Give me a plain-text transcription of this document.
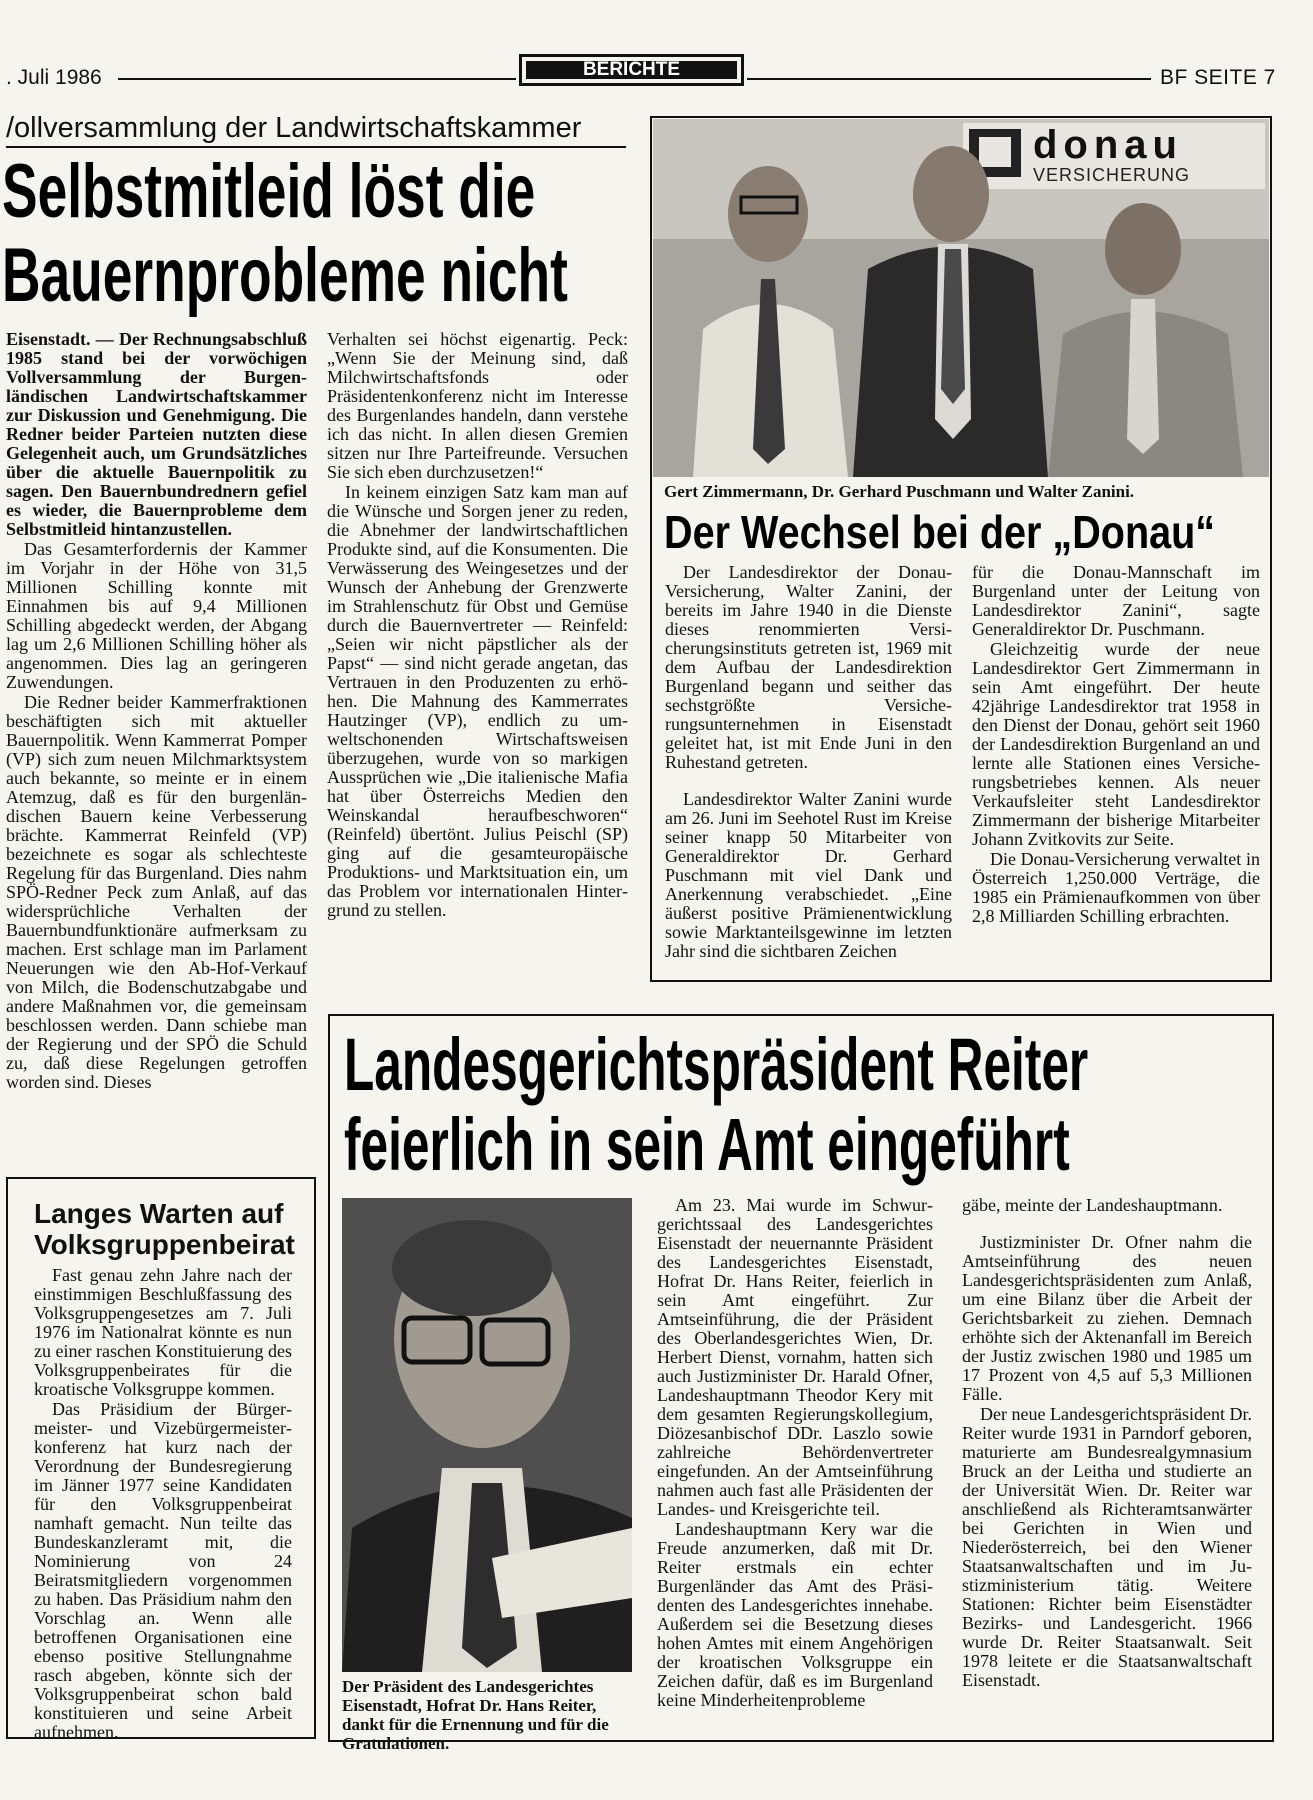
. Juli 1986	BERICHTE	BF SEITE 7
/ollversammlung der Landwirtschaftskammer
Selbstmitleid löst die
Bauernprobleme nicht

Eisenstadt. — Der Rechnungsabschluß 1985 stand bei der vorwöchigen Vollversammlung der Burgenländischen Landwirtschaftskammer zur Diskussion und Genehmigung. Die Redner beider Parteien nutzten diese Gelegenheit auch, um Grundsätzliches über die aktuelle Bauernpolitik zu sagen. Den Bauernbundrednern gefiel es wieder, die Bauernprobleme dem Selbstmitleid hintanzustellen.

Das Gesamterfordernis der Kammer im Vorjahr in der Höhe von 31,5 Millionen Schilling konnte mit Einnahmen bis auf 9,4 Millionen Schilling abgedeckt werden, der Abgang lag um 2,6 Millionen Schilling höher als angenommen. Dies lag an geringeren Zuwendungen.

Die Redner beider Kammerfraktionen beschäftigten sich mit aktueller Bauernpolitik. Wenn Kammerrat Pomper (VP) sich zum neuen Milchmarktsystem auch bekannte, so meinte er in einem Atemzug, daß es für den burgenländischen Bauern keine Verbesserung brächte. Kammerrat Reinfeld (VP) bezeichnete es sogar als schlechteste Regelung für das Burgenland. Dies nahm SPÖ-Redner Peck zum Anlaß, auf das widersprüchliche Verhalten der Bauernbundfunktionäre aufmerksam zu machen. Erst schlage man im Parlament Neuerungen wie den Ab-Hof-Verkauf von Milch, die Bodenschutzabgabe und andere Maßnahmen vor, die gemeinsam beschlossen werden. Dann schiebe man der Regierung und der SPÖ die Schuld zu, daß diese Regelungen getroffen worden sind. Dieses

Verhalten sei höchst eigenartig. Peck: „Wenn Sie der Meinung sind, daß Milchwirtschaftsfonds oder Präsidentenkonferenz nicht im Interesse des Burgenlandes handeln, dann verstehe ich das nicht. In allen diesen Gremien sitzen nur Ihre Parteifreunde. Versuchen Sie sich eben durchzusetzen!“

In keinem einzigen Satz kam man auf die Wünsche und Sorgen jener zu reden, die Abnehmer der landwirtschaftlichen Produkte sind, auf die Konsumenten. Die Verwässerung des Weingesetzes und der Wunsch der Anhebung der Grenzwerte im Strahlenschutz für Obst und Gemüse durch die Bauernvertreter — Reinfeld: „Seien wir nicht päpstlicher als der Papst“ — sind nicht gerade angetan, das Vertrauen in den Produzenten zu erhöhen. Die Mahnung des Kammerrates Hautzinger (VP), endlich zu umweltschonenden Wirtschaftsweisen überzugehen, wurde von so markigen Aussprüchen wie „Die italienische Mafia hat über Österreichs Medien den Weinskandal heraufbeschworen“ (Reinfeld) übertönt. Julius Peischl (SP) ging auf die gesamteuropäische Produktions- und Marktsituation ein, um das Problem vor internationalen Hintergrund zu stellen.

donau
VERSICHERUNG
Gert Zimmermann, Dr. Gerhard Puschmann und Walter Zanini.
Der Wechsel bei der „Donau“

Der Landesdirektor der Donau-Versicherung, Walter Zanini, der bereits im Jahre 1940 in die Dienste dieses renommierten Versicherungsinstituts getreten ist, 1969 mit dem Aufbau der Landesdirektion Burgenland begann und seither das sechstgrößte Versicherungsunternehmen in Eisenstadt geleitet hat, ist mit Ende Juni in den Ruhestand getreten.

Landesdirektor Walter Zanini wurde am 26. Juni im Seehotel Rust im Kreise seiner knapp 50 Mitarbeiter von Generaldirektor Dr. Gerhard Puschmann mit viel Dank und Anerkennung verabschiedet. „Eine äußerst positive Prämienentwicklung sowie Marktanteilsgewinne im letzten Jahr sind die sichtbaren Zeichen

für die Donau-Mannschaft im Burgenland unter der Leitung von Landesdirektor Zanini“, sagte Generaldirektor Dr. Puschmann.

Gleichzeitig wurde der neue Landesdirektor Gert Zimmermann in sein Amt eingeführt. Der heute 42jährige Landesdirektor trat 1958 in den Dienst der Donau, gehört seit 1960 der Landesdirektion Burgenland an und lernte alle Stationen eines Versicherungsbetriebes kennen. Als neuer Verkaufsleiter steht Landesdirektor Zimmermann der bisherige Mitarbeiter Johann Zvitkovits zur Seite.

Die Donau-Versicherung verwaltet in Österreich 1,250.000 Verträge, die 1985 ein Prämienaufkommen von über 2,8 Milliarden Schilling erbrachten.

Langes Warten auf
Volksgruppenbeirat

Fast genau zehn Jahre nach der einstimmigen Beschlußfassung des Volksgruppengesetzes am 7. Juli 1976 im Nationalrat könnte es nun zu einer raschen Konstituierung des Volksgruppenbeirates für die kroatische Volksgruppe kommen.

Das Präsidium der Bürgermeister- und Vizebürgermeisterkonferenz hat kurz nach der Verordnung der Bundesregierung im Jänner 1977 seine Kandidaten für den Volksgruppenbeirat namhaft gemacht. Nun teilte das Bundeskanzleramt mit, die Nominierung von 24 Beiratsmitgliedern vorgenommen zu haben. Das Präsidium nahm den Vorschlag an. Wenn alle betroffenen Organisationen eine ebenso positive Stellungnahme rasch abgeben, könnte sich der Volksgruppenbeirat schon bald konstituieren und seine Arbeit aufnehmen.

Landesgerichtspräsident Reiter
feierlich in sein Amt eingeführt
Der Präsident des Landesgerichtes Eisenstadt, Hofrat Dr. Hans Reiter, dankt für die Ernennung und für die Gratulationen.

Am 23. Mai wurde im Schwurgerichtssaal des Landesgerichtes Eisenstadt der neuernannte Präsident des Landesgerichtes Eisenstadt, Hofrat Dr. Hans Reiter, feierlich in sein Amt eingeführt. Zur Amtseinführung, die der Präsident des Oberlandesgerichtes Wien, Dr. Herbert Dienst, vornahm, hatten sich auch Justizminister Dr. Harald Ofner, Landeshauptmann Theodor Kery mit dem gesamten Regierungskollegium, Diözesanbischof DDr. Laszlo sowie zahlreiche Behördenvertreter eingefunden. An der Amtseinführung nahmen auch fast alle Präsidenten der Landes- und Kreisgerichte teil.

Landeshauptmann Kery war die Freude anzumerken, daß mit Dr. Reiter erstmals ein echter Burgenländer das Amt des Präsidenten des Landesgerichtes innehabe. Außerdem sei die Besetzung dieses hohen Amtes mit einem Angehörigen der kroatischen Volksgruppe ein Zeichen dafür, daß es im Burgenland keine Minderheitenprobleme

gäbe, meinte der Landeshauptmann.

Justizminister Dr. Ofner nahm die Amtseinführung des neuen Landesgerichtspräsidenten zum Anlaß, um eine Bilanz über die Arbeit der Gerichtsbarkeit zu ziehen. Demnach erhöhte sich der Aktenanfall im Bereich der Justiz zwischen 1980 und 1985 um 17 Prozent von 4,5 auf 5,3 Millionen Fälle.

Der neue Landesgerichtspräsident Dr. Reiter wurde 1931 in Parndorf geboren, maturierte am Bundesrealgymnasium Bruck an der Leitha und studierte an der Universität Wien. Dr. Reiter war anschließend als Richteramtsanwärter bei Gerichten in Wien und Niederösterreich, bei den Wiener Staatsanwaltschaften und im Justizministerium tätig. Weitere Stationen: Richter beim Eisenstädter Bezirks- und Landesgericht. 1966 wurde Dr. Reiter Staatsanwalt. Seit 1978 leitete er die Staatsanwaltschaft Eisenstadt.
